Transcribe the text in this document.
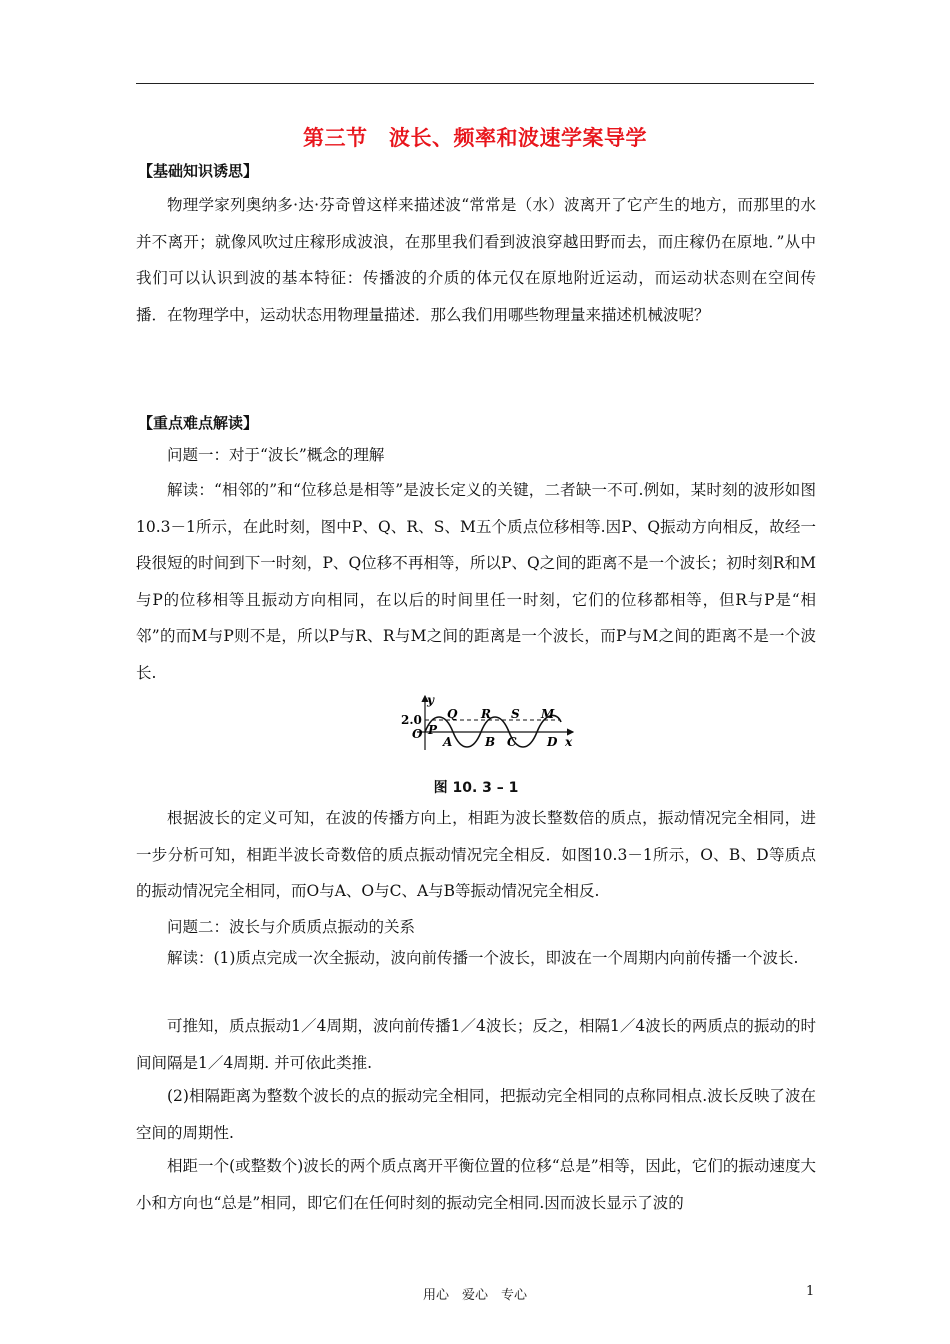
第三节　波长、频率和波速学案导学
【基础知识诱思】

物理学家列奥纳多·达·芬奇曾这样来描述波“常常是（水）波离开了它产生的地方，而那里的水并不离开；就像风吹过庄稼形成波浪，在那里我们看到波浪穿越田野而去，而庄稼仍在原地．”从中我们可以认识到波的基本特征：传播波的介质的体元仅在原地附近运动，而运动状态则在空间传播．在物理学中，运动状态用物理量描述．那么我们用哪些物理量来描述机械波呢？

【重点难点解读】

问题一：对于“波长”概念的理解

解读：“相邻的”和“位移总是相等”是波长定义的关键，二者缺一不可.例如，某时刻的波形如图10.3－1所示，在此时刻，图中P、Q、R、S、M五个质点位移相等.因P、Q振动方向相反，故经一段很短的时间到下一时刻，P、Q位移不再相等，所以P、Q之间的距离不是一个波长；初时刻R和M与P的位移相等且振动方向相同，在以后的时间里任一时刻，它们的位移都相等，但R与P是“相邻”的而M与P则不是，所以P与R、R与M之间的距离是一个波长，而P与M之间的距离不是一个波长.

y
x
2.0
O P
Q R S M
A	B C	D
图 10. 3 – 1

根据波长的定义可知，在波的传播方向上，相距为波长整数倍的质点，振动情况完全相同，进一步分析可知，相距半波长奇数倍的质点振动情况完全相反．如图10.3－1所示，O、B、D等质点的振动情况完全相同，而O与A、O与C、A与B等振动情况完全相反.

问题二：波长与介质质点振动的关系

解读：(1)质点完成一次全振动，波向前传播一个波长，即波在一个周期内向前传播一个波长.

可推知，质点振动1／4周期，波向前传播1／4波长；反之，相隔1／4波长的两质点的振动的时间间隔是1／4周期. 并可依此类推.

(2)相隔距离为整数个波长的点的振动完全相同，把振动完全相同的点称同相点.波长反映了波在空间的周期性.

相距一个(或整数个)波长的两个质点离开平衡位置的位移“总是”相等，因此，它们的振动速度大小和方向也“总是”相同，即它们在任何时刻的振动完全相同.因而波长显示了波的

用心　爱心　专心	1
